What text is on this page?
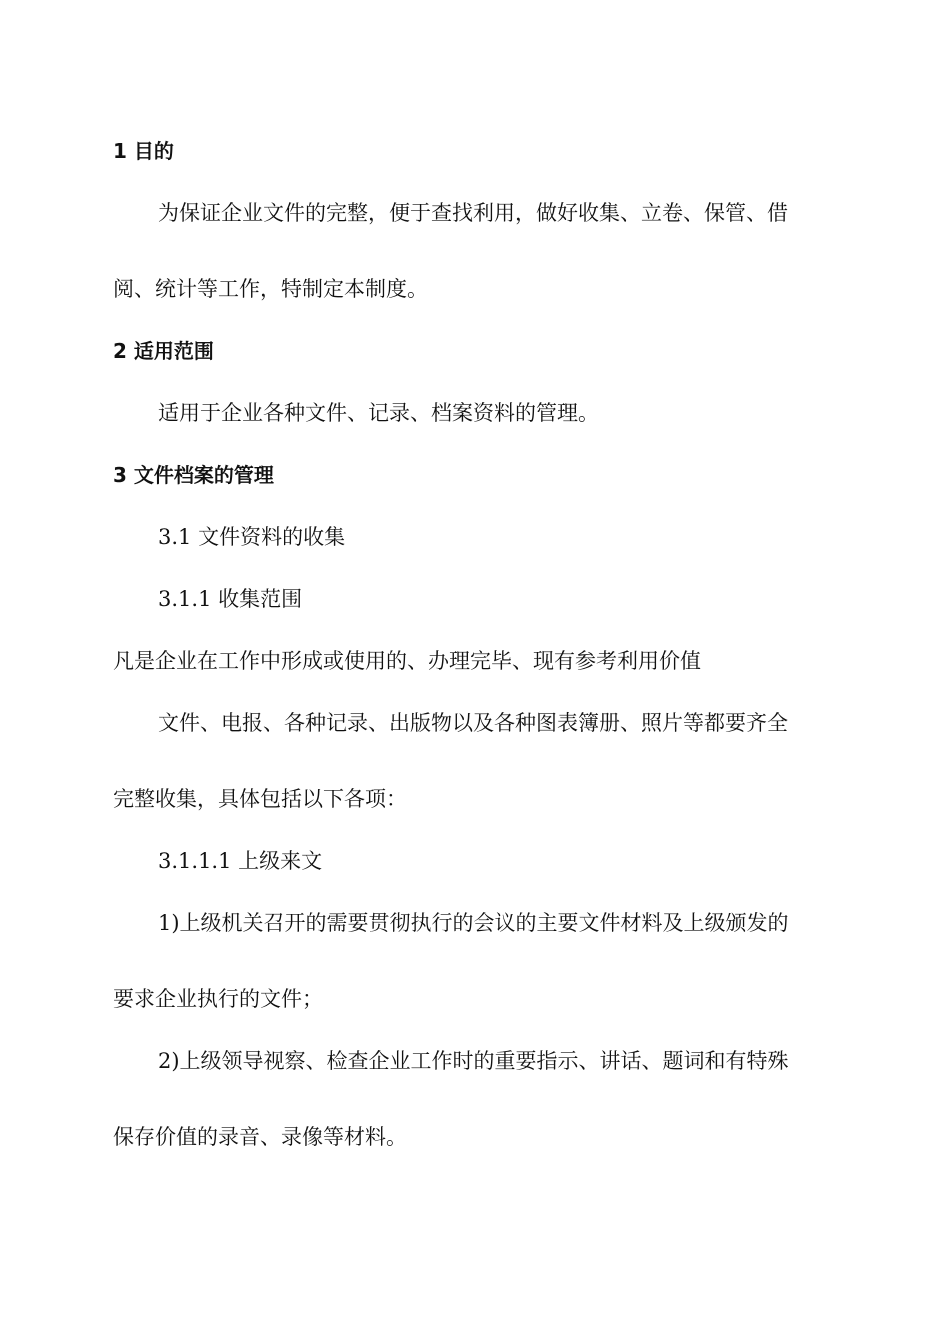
1 目的
为保证企业文件的完整，便于查找利用，做好收集、立卷、保管、借
阅、统计等工作，特制定本制度。
2 适用范围
适用于企业各种文件、记录、档案资料的管理。
3 文件档案的管理
3.1 文件资料的收集
3.1.1 收集范围
凡是企业在工作中形成或使用的、办理完毕、现有参考利用价值
文件、电报、各种记录、出版物以及各种图表簿册、照片等都要齐全
完整收集，具体包括以下各项：
3.1.1.1 上级来文
1)上级机关召开的需要贯彻执行的会议的主要文件材料及上级颁发的
要求企业执行的文件；
2)上级领导视察、检查企业工作时的重要指示、讲话、题词和有特殊
保存价值的录音、录像等材料。
